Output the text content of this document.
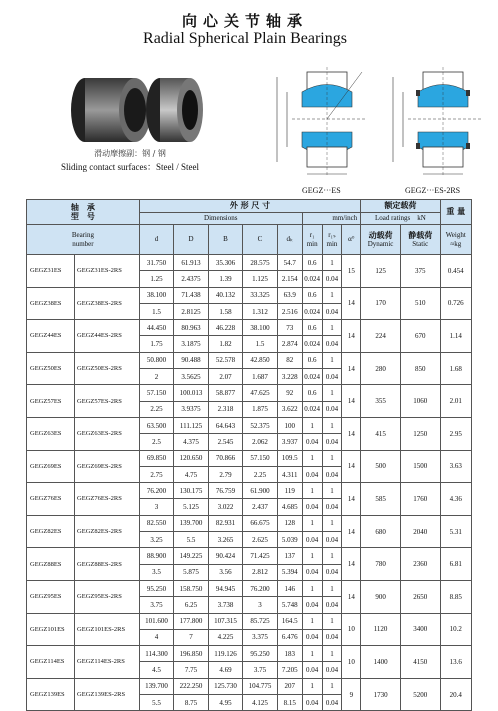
向心关节轴承
Radial Spherical Plain Bearings
滑动摩擦副：钢 / 钢
Sliding contact surfaces：Steel / Steel
GEGZ···ES	GEGZ···ES-2RS
轴　承
型　号		外 形 尺 寸								额定载荷		重 量
		Dimensions					mm/inch			Load ratings　kN		
Bearing
number		d	D	B	C	dₖ	r₁
min	r₁ₛ
min	α°	动载荷
Dynamic	静载荷
Static	Weight
≈kg
GEGZ31ES	GEGZ31ES-2RS	31.750	61.913	35.306	28.575	54.7	0.6	1	15	125	375	0.454
		1.25	2.4375	1.39	1.125	2.154	0.024	0.04				
GEGZ38ES	GEGZ38ES-2RS	38.100	71.438	40.132	33.325	63.9	0.6	1	14	170	510	0.726
		1.5	2.8125	1.58	1.312	2.516	0.024	0.04				
GEGZ44ES	GEGZ44ES-2RS	44.450	80.963	46.228	38.100	73	0.6	1	14	224	670	1.14
		1.75	3.1875	1.82	1.5	2.874	0.024	0.04				
GEGZ50ES	GEGZ50ES-2RS	50.800	90.488	52.578	42.850	82	0.6	1	14	280	850	1.68
		2	3.5625	2.07	1.687	3.228	0.024	0.04				
GEGZ57ES	GEGZ57ES-2RS	57.150	100.013	58.877	47.625	92	0.6	1	14	355	1060	2.01
		2.25	3.9375	2.318	1.875	3.622	0.024	0.04				
GEGZ63ES	GEGZ63ES-2RS	63.500	111.125	64.643	52.375	100	1	1	14	415	1250	2.95
		2.5	4.375	2.545	2.062	3.937	0.04	0.04				
GEGZ69ES	GEGZ69ES-2RS	69.850	120.650	70.866	57.150	109.5	1	1	14	500	1500	3.63
		2.75	4.75	2.79	2.25	4.311	0.04	0.04				
GEGZ76ES	GEGZ76ES-2RS	76.200	130.175	76.759	61.900	119	1	1	14	585	1760	4.36
		3	5.125	3.022	2.437	4.685	0.04	0.04				
GEGZ82ES	GEGZ82ES-2RS	82.550	139.700	82.931	66.675	128	1	1	14	680	2040	5.31
		3.25	5.5	3.265	2.625	5.039	0.04	0.04				
GEGZ88ES	GEGZ88ES-2RS	88.900	149.225	90.424	71.425	137	1	1	14	780	2360	6.81
		3.5	5.875	3.56	2.812	5.394	0.04	0.04				
GEGZ95ES	GEGZ95ES-2RS	95.250	158.750	94.945	76.200	146	1	1	14	900	2650	8.85
		3.75	6.25	3.738	3	5.748	0.04	0.04				
GEGZ101ES	GEGZ101ES-2RS	101.600	177.800	107.315	85.725	164.5	1	1	10	1120	3400	10.2
		4	7	4.225	3.375	6.476	0.04	0.04				
GEGZ114ES	GEGZ114ES-2RS	114.300	196.850	119.126	95.250	183	1	1	10	1400	4150	13.6
		4.5	7.75	4.69	3.75	7.205	0.04	0.04				
GEGZ139ES	GEGZ139ES-2RS	139.700	222.250	125.730	104.775	207	1	1	9	1730	5200	20.4
		5.5	8.75	4.95	4.125	8.15	0.04	0.04				
